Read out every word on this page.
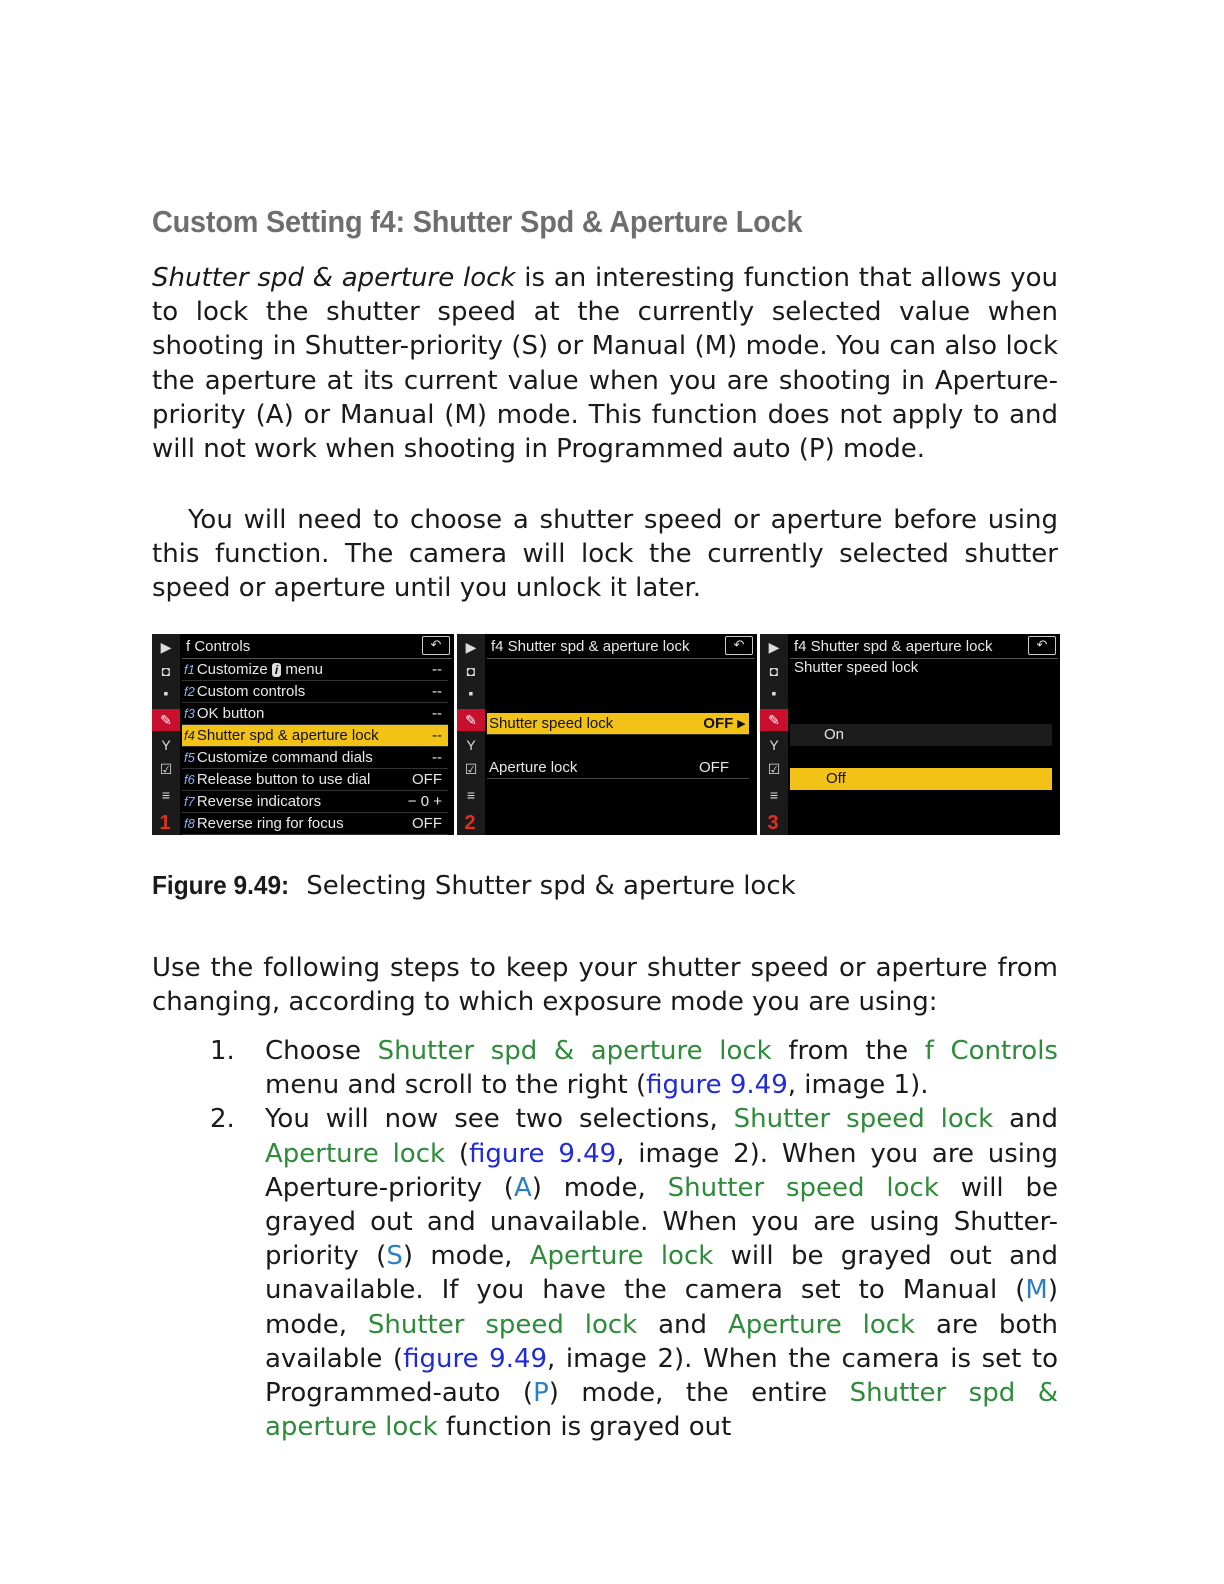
Custom Setting f4: Shutter Spd & Aperture Lock

Shutter spd & aperture lock is an interesting function that allows you to lock the shutter speed at the currently selected value when shooting in Shutter-priority (S) or Manual (M) mode. You can also lock the aperture at its current value when you are shooting in Aperture-priority (A) or Manual (M) mode. This function does not apply to and will not work when shooting in Programmed auto (P) mode.

You will need to choose a shutter speed or aperture before using this function. The camera will lock the currently selected shutter speed or aperture until you unlock it later.

▶
◘
▪
✎
Y
☑
≡
1
f Controls	↶
f1 Customize i menu	--
f2 Custom controls	--
f3 OK button	--
f4 Shutter spd & aperture lock	--
f5 Customize command dials	--
f6 Release button to use dial	OFF
f7 Reverse indicators	− 0 +
f8 Reverse ring for focus	OFF
▶
◘
▪
✎
Y
☑
≡
2
f4 Shutter spd & aperture lock	↶
Shutter speed lock	OFF ▸
Aperture lock	OFF
▶
◘
▪
✎
Y
☑
≡
3
f4 Shutter spd & aperture lock	↶
Shutter speed lock
On
Off
Figure 9.49: Selecting Shutter spd & aperture lock

Use the following steps to keep your shutter speed or aperture from changing, according to which exposure mode you are using:

1. Choose Shutter spd & aperture lock from the f Controls menu and scroll to the right (figure 9.49, image 1).
2. You will now see two selections, Shutter speed lock and Aperture lock (figure 9.49, image 2). When you are using Aperture-priority (A) mode, Shutter speed lock will be grayed out and unavailable. When you are using Shutter-priority (S) mode, Aperture lock will be grayed out and unavailable. If you have the camera set to Manual (M) mode, Shutter speed lock and Aperture lock are both available (figure 9.49, image 2). When the camera is set to Programmed-auto (P) mode, the entire Shutter spd & aperture lock function is grayed out
